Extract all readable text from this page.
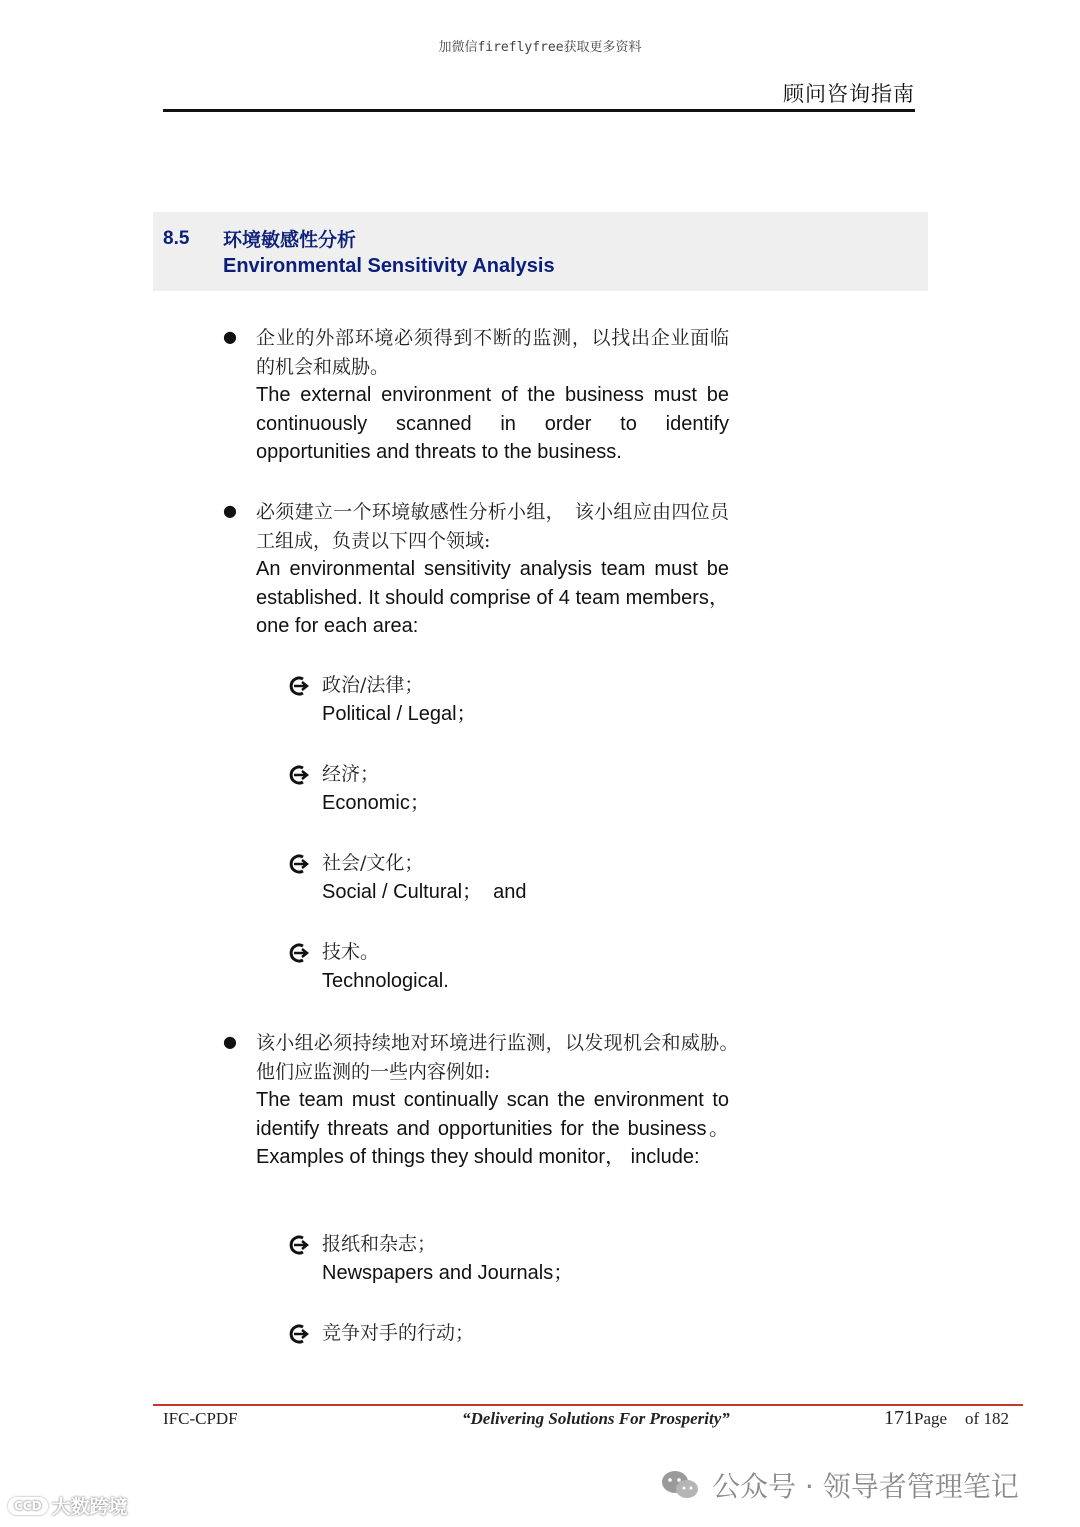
加微信fireflyfree获取更多资料
顾问咨询指南
8.5 环境敏感性分析
Environmental Sensitivity Analysis
● 企业的外部环境必须得到不断的监测，以找出企业面临的机会和威胁。
The external environment of the business must be continuously scanned in order to identify opportunities and threats to the business.
● 必须建立一个环境敏感性分析小组，　该小组应由四位员工组成，负责以下四个领域:
An environmental sensitivity analysis team must be established. It should comprise of 4 team members， one for each area:
政治/法律；
Political / Legal；
经济；
Economic；
社会/文化；
Social / Cultural；  and
技术。
Technological.
● 该小组必须持续地对环境进行监测，以发现机会和威胁。　他们应监测的一些内容例如:
The team must continually scan the environment to identify threats and opportunities for the business。 Examples of things they should monitor， include:
报纸和杂志；
Newspapers and Journals；
竞争对手的行动；
IFC-CPDF	“Delivering Solutions For Prosperity”	171Page of 182
公众号 · 领导者管理笔记
CCD 大数跨境
